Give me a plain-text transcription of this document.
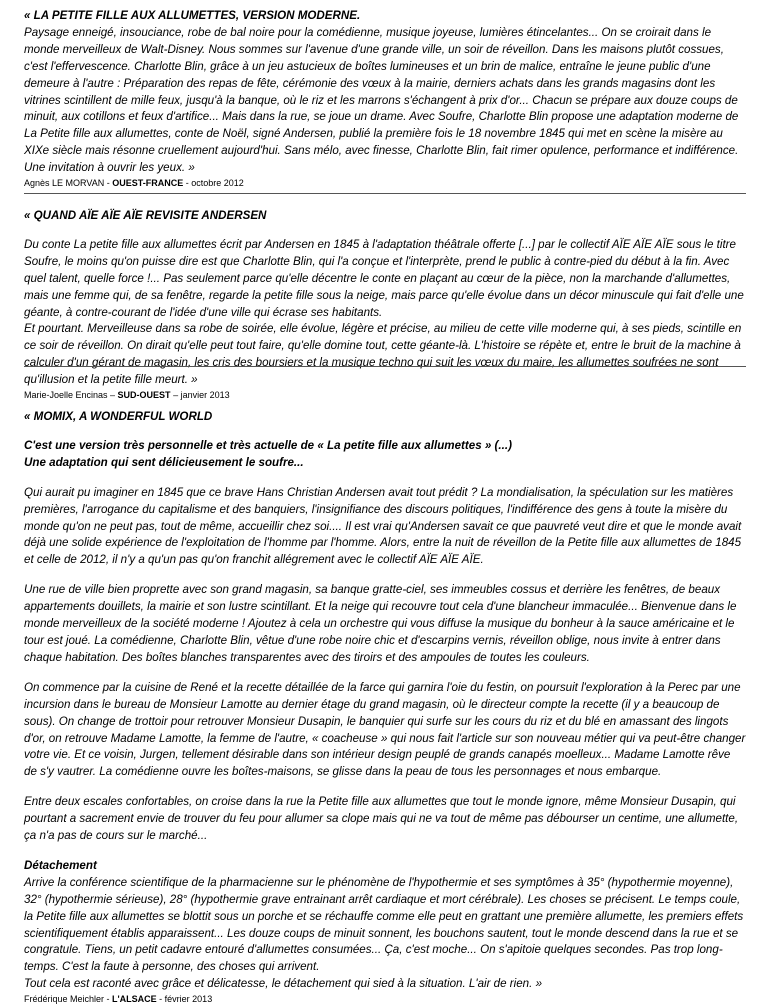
« LA PETITE FILLE AUX ALLUMETTES, VERSION MODERNE.

Paysage enneigé, insouciance, robe de bal noire pour la comédienne, musique joyeuse, lumières étincelantes... On se croirait dans le monde merveilleux de Walt-Disney. Nous sommes sur l'avenue d'une grande ville, un soir de réveillon. Dans les maisons plutôt cossues, c'est l'effervescence. Charlotte Blin, grâce à un jeu astucieux de boîtes lumineuses et un brin de malice, entraîne le jeune public d'une demeure à l'autre : Préparation des repas de fête, cérémonie des vœux à la mairie, derniers achats dans les grands magasins dont les vitrines scintillent de mille feux, jusqu'à la banque, où le riz et les marrons s'échangent à prix d'or... Chacun se prépare aux douze coups de minuit, aux cotillons et feux d'artifice... Mais dans la rue, se joue un drame. Avec Soufre, Charlotte Blin propose une adaptation moderne de La Petite fille aux allumettes, conte de Noël, signé Andersen, publié la première fois le 18 novembre 1845 qui met en scène la misère au XIXe siècle mais résonne cruellement aujourd'hui. Sans mélo, avec finesse, Charlotte Blin, fait rimer opulence, performance et indifférence. Une invitation à ouvrir les yeux. »

Agnès LE MORVAN - OUEST-FRANCE - octobre 2012

« QUAND AÏE AÏE AÏE REVISITE ANDERSEN

Du conte La petite fille aux allumettes écrit par Andersen en 1845 à l'adaptation théâtrale offerte [...] par le collectif AÏE AÏE AÏE sous le titre Soufre, le moins qu'on puisse dire est que Charlotte Blin, qui l'a conçue et l'interprète, prend le public à contre-pied du début à la fin. Avec quel talent, quelle force !... Pas seulement parce qu'elle décentre le conte en plaçant au cœur de la pièce, non la marchande d'allumettes, mais une femme qui, de sa fenêtre, regarde la petite fille sous la neige, mais parce qu'elle évolue dans un décor minuscule qui fait d'elle une géante, à contre-courant de l'idée d'une ville qui écrase ses habitants.

Et pourtant. Merveilleuse dans sa robe de soirée, elle évolue, légère et précise, au milieu de cette ville moderne qui, à ses pieds, scintille en ce soir de réveillon. On dirait qu'elle peut tout faire, qu'elle domine tout, cette géante-là. L'histoire se répète et, entre le bruit de la machine à calculer d'un gérant de magasin, les cris des boursiers et la musique techno qui suit les vœux du maire, les allumettes soufrées ne sont qu'illusion et la petite fille meurt. »

Marie-Joelle Encinas – SUD-OUEST – janvier 2013

« MOMIX, A WONDERFUL WORLD

C'est une version très personnelle et très actuelle de « La petite fille aux allumettes » (...)

Une adaptation qui sent délicieusement le soufre...

Qui aurait pu imaginer en 1845 que ce brave Hans Christian Andersen avait tout prédit ? La mondialisation, la spéculation sur les matières premières, l'arrogance du capitalisme et des banquiers, l'insignifiance des discours politiques, l'indifférence des gens à toute la misère du monde qu'on ne peut pas, tout de même, accueillir chez soi.... Il est vrai qu'Andersen savait ce que pauvreté veut dire et que le monde avait déjà une solide expérience de l'exploitation de l'homme par l'homme. Alors, entre la nuit de réveillon de la Petite fille aux allumettes de 1845 et celle de 2012, il n'y a qu'un pas qu'on franchit allégrement avec le collectif AÏE AÏE AÏE.

Une rue de ville bien proprette avec son grand magasin, sa banque gratte-ciel, ses immeubles cossus et derrière les fenêtres, de beaux appartements douillets, la mairie et son lustre scintillant. Et la neige qui recouvre tout cela d'une blancheur immaculée... Bienvenue dans le monde merveilleux de la société moderne ! Ajoutez à cela un orchestre qui vous diffuse la musique du bonheur à la sauce américaine et le tour est joué. La comédienne, Charlotte Blin, vêtue d'une robe noire chic et d'escarpins vernis, réveillon oblige, nous invite à entrer dans chaque habitation. Des boîtes blanches transparentes avec des tiroirs et des ampoules de toutes les couleurs.

On commence par la cuisine de René et la recette détaillée de la farce qui garnira l'oie du festin, on poursuit l'exploration à la Perec par une incursion dans le bureau de Monsieur Lamotte au dernier étage du grand magasin, où le directeur compte la recette (il y a beaucoup de sous). On change de trottoir pour retrouver Monsieur Dusapin, le banquier qui surfe sur les cours du riz et du blé en amassant des lingots d'or, on retrouve Madame Lamotte, la femme de l'autre, « coacheuse » qui nous fait l'article sur son nouveau métier qui va peut-être changer votre vie. Et ce voisin, Jurgen, tellement désirable dans son intérieur design peuplé de grands canapés moelleux... Madame Lamotte rêve de s'y vautrer. La comédienne ouvre les boîtes-maisons, se glisse dans la peau de tous les personnages et nous embarque.

Entre deux escales confortables, on croise dans la rue la Petite fille aux allumettes que tout le monde ignore, même Monsieur Dusapin, qui pourtant a sacrement envie de trouver du feu pour allumer sa clope mais qui ne va tout de même pas débourser un centime, une allumette, ça n'a pas de cours sur le marché...

Détachement

Arrive la conférence scientifique de la pharmacienne sur le phénomène de l'hypothermie et ses symptômes à 35° (hypothermie moyenne), 32° (hypothermie sérieuse), 28° (hypothermie grave entrainant arrêt cardiaque et mort cérébrale). Les choses se précisent. Le temps coule, la Petite fille aux allumettes se blottit sous un porche et se réchauffe comme elle peut en grattant une première allumette, les premiers effets scientifiquement établis apparaissent... Les douze coups de minuit sonnent, les bouchons sautent, tout le monde descend dans la rue et se congratule. Tiens, un petit cadavre entouré d'allumettes consumées... Ça, c'est moche... On s'apitoie quelques secondes. Pas trop long- temps. C'est la faute à personne, des choses qui arrivent.

Tout cela est raconté avec grâce et délicatesse, le détachement qui sied à la situation. L'air de rien. »

Frédérique Meichler - L'ALSACE - février 2013
